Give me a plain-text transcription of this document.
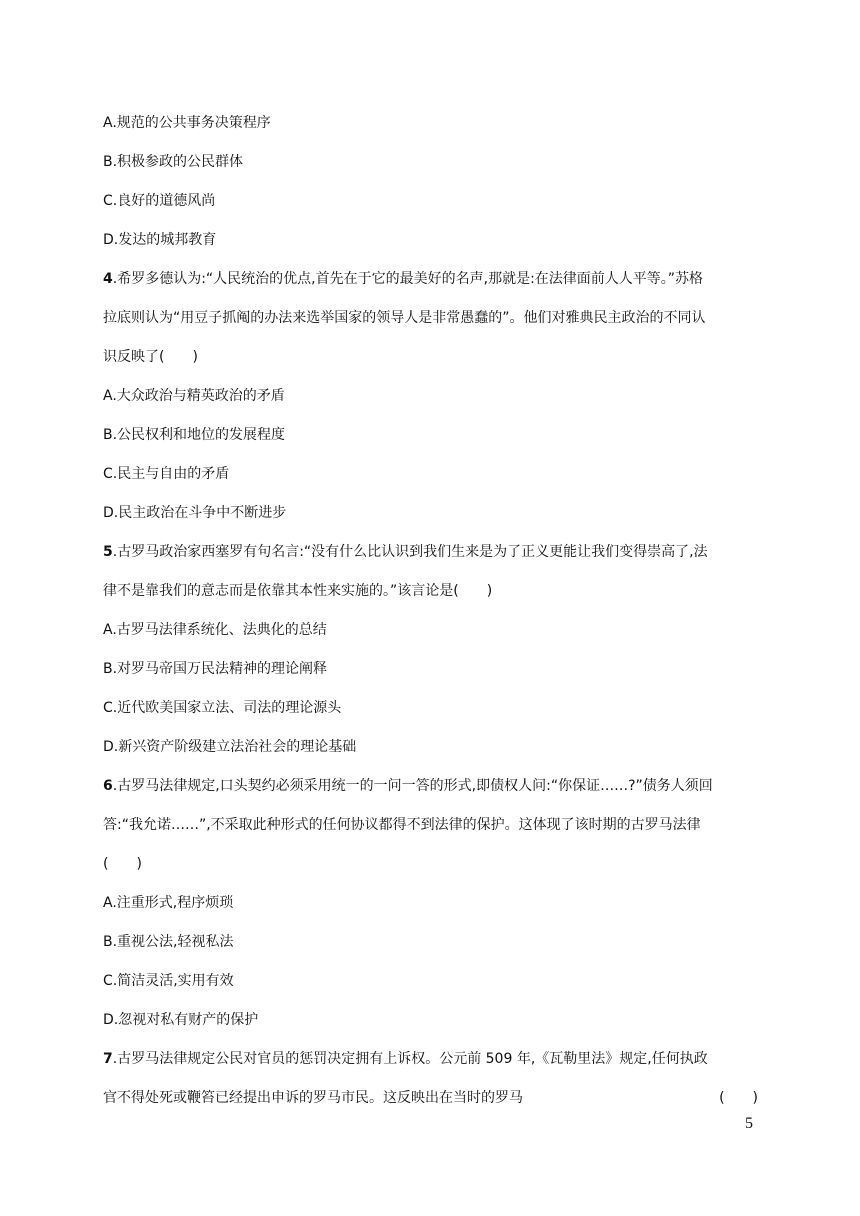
A.规范的公共事务决策程序
B.积极参政的公民群体
C.良好的道德风尚
D.发达的城邦教育
4.希罗多德认为:“人民统治的优点,首先在于它的最美好的名声,那就是:在法律面前人人平等。”苏格
拉底则认为“用豆子抓阄的办法来选举国家的领导人是非常愚蠢的”。他们对雅典民主政治的不同认
识反映了(　　)
A.大众政治与精英政治的矛盾
B.公民权利和地位的发展程度
C.民主与自由的矛盾
D.民主政治在斗争中不断进步
5.古罗马政治家西塞罗有句名言:“没有什么比认识到我们生来是为了正义更能让我们变得崇高了,法
律不是靠我们的意志而是依靠其本性来实施的。”该言论是(　　)
A.古罗马法律系统化、法典化的总结
B.对罗马帝国万民法精神的理论阐释
C.近代欧美国家立法、司法的理论源头
D.新兴资产阶级建立法治社会的理论基础
6.古罗马法律规定,口头契约必须采用统一的一问一答的形式,即债权人问:“你保证……?”债务人须回
答:“我允诺……”,不采取此种形式的任何协议都得不到法律的保护。这体现了该时期的古罗马法律
(　　)
A.注重形式,程序烦琐
B.重视公法,轻视私法
C.简洁灵活,实用有效
D.忽视对私有财产的保护
7.古罗马法律规定公民对官员的惩罚决定拥有上诉权。公元前 509 年,《瓦勒里法》规定,任何执政
官不得处死或鞭笞已经提出申诉的罗马市民。这反映出在当时的罗马	(　　)
5
